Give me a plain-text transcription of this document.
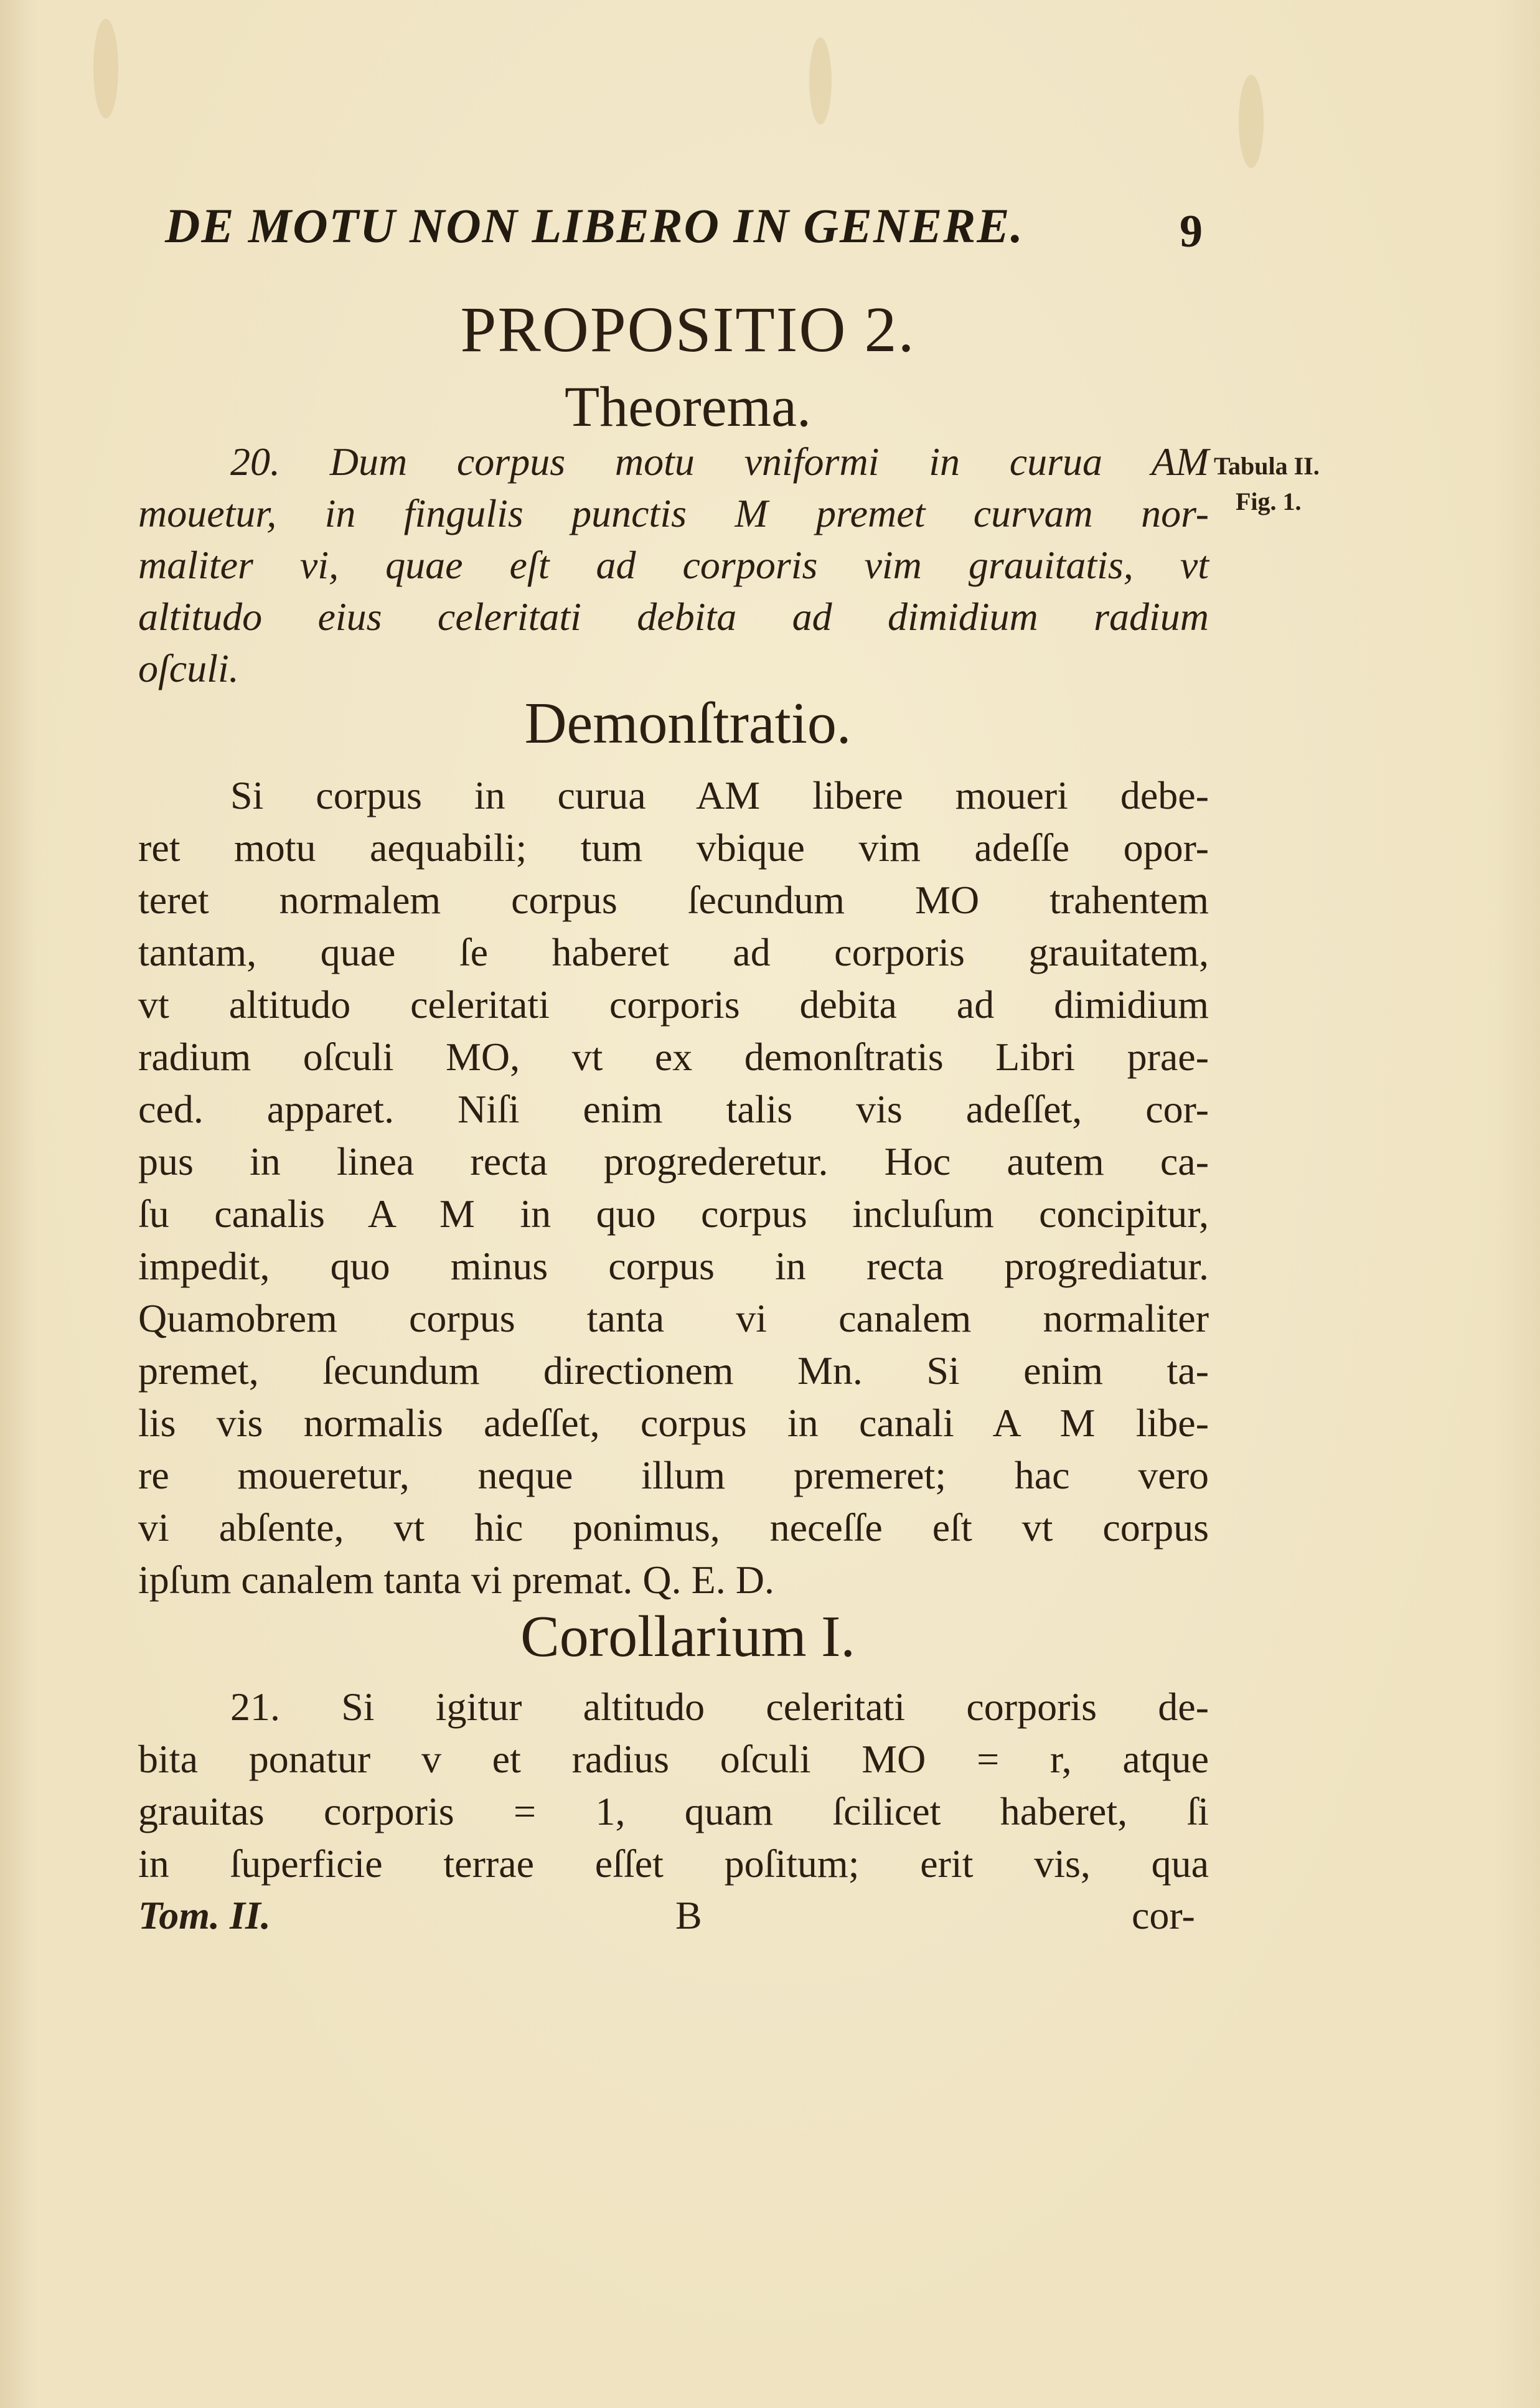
DE MOTU NON LIBERO IN GENERE.	9
PROPOSITIO 2.
Theorema.
20. Dum corpus motu vniformi in curua AM
mouetur, in fingulis punctis M premet curvam nor-
maliter vi, quae eſt ad corporis vim grauitatis, vt
altitudo eius celeritati debita ad dimidium radium
oſculi.
Tabula II.
Fig. 1.
Demonſtratio.
Si corpus in curua AM libere moueri debe-
ret motu aequabili; tum vbique vim adeſſe opor-
teret normalem corpus ſecundum MO trahentem
tantam, quae ſe haberet ad corporis grauitatem,
vt altitudo celeritati corporis debita ad dimidium
radium oſculi MO, vt ex demonſtratis Libri prae-
ced. apparet. Niſi enim talis vis adeſſet, cor-
pus in linea recta progrederetur. Hoc autem ca-
ſu canalis A M in quo corpus incluſum concipitur,
impedit, quo minus corpus in recta progrediatur.
Quamobrem corpus tanta vi canalem normaliter
premet, ſecundum directionem Mn. Si enim ta-
lis vis normalis adeſſet, corpus in canali A M libe-
re moueretur, neque illum premeret; hac vero
vi abſente, vt hic ponimus, neceſſe eſt vt corpus
ipſum canalem tanta vi premat. Q. E. D.
Corollarium I.
21. Si igitur altitudo celeritati corporis de-
bita ponatur v et radius oſculi MO = r, atque
grauitas corporis = 1, quam ſcilicet haberet, ſi
in ſuperficie terrae eſſet poſitum; erit vis, qua
Tom. II.	B	cor-
